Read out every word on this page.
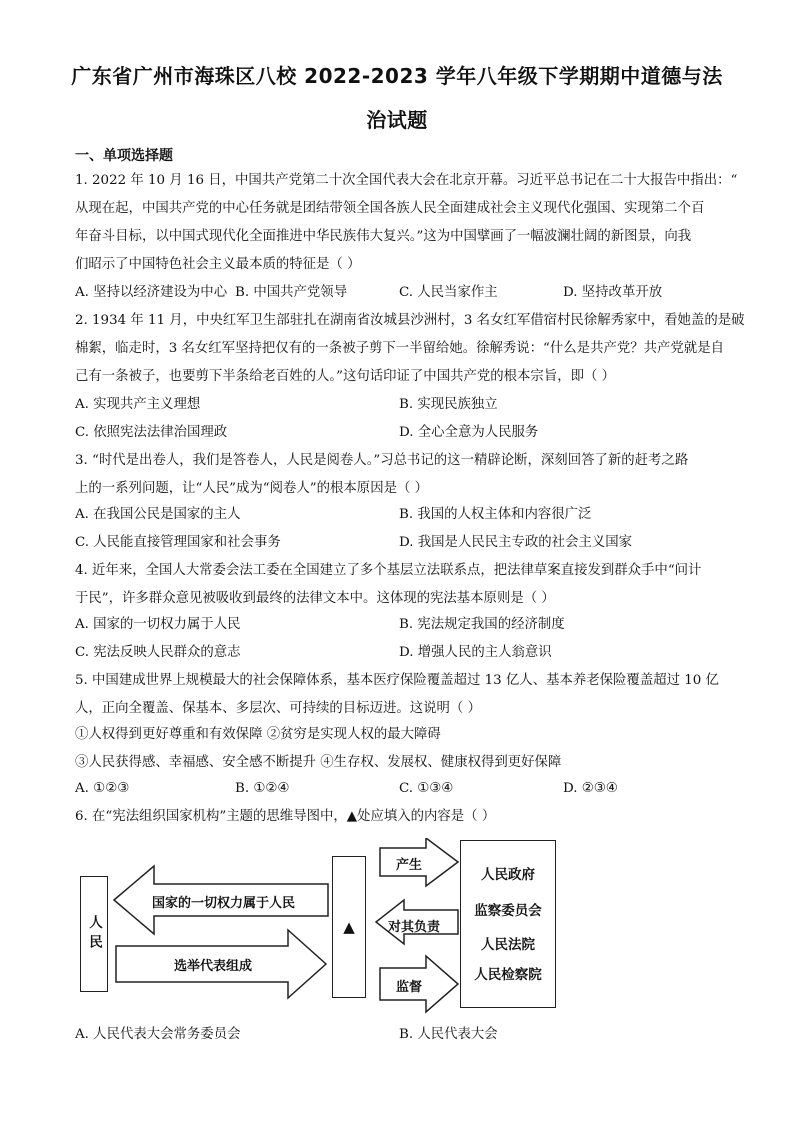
广东省广州市海珠区八校 2022-2023 学年八年级下学期期中道德与法
治试题
一、单项选择题
1. 2022 年 10 月 16 日，中国共产党第二十次全国代表大会在北京开幕。习近平总书记在二十大报告中指出：“
从现在起，中国共产党的中心任务就是团结带领全国各族人民全面建成社会主义现代化强国、实现第二个百
年奋斗目标，以中国式现代化全面推进中华民族伟大复兴。”这为中国擘画了一幅波澜壮阔的新图景，向我
们昭示了中国特色社会主义最本质的特征是（ ）
A. 坚持以经济建设为中心 B. 中国共产党领导	C. 人民当家作主	D. 坚持改革开放
2. 1934 年 11 月，中央红军卫生部驻扎在湖南省汝城县沙洲村，3 名女红军借宿村民徐解秀家中，看她盖的是破
棉絮，临走时，3 名女红军坚持把仅有的一条被子剪下一半留给她。徐解秀说：“什么是共产党？共产党就是自
己有一条被子，也要剪下半条给老百姓的人。”这句话印证了中国共产党的根本宗旨，即（ ）
A. 实现共产主义理想	B. 实现民族独立
C. 依照宪法法律治国理政	D. 全心全意为人民服务
3. “时代是出卷人，我们是答卷人，人民是阅卷人。”习总书记的这一精辟论断，深刻回答了新的赶考之路
上的一系列问题，让“人民”成为“阅卷人”的根本原因是（ ）
A. 在我国公民是国家的主人	B. 我国的人权主体和内容很广泛
C. 人民能直接管理国家和社会事务	D. 我国是人民民主专政的社会主义国家
4. 近年来，全国人大常委会法工委在全国建立了多个基层立法联系点，把法律草案直接发到群众手中“问计
于民”，许多群众意见被吸收到最终的法律文本中。这体现的宪法基本原则是（ ）
A. 国家的一切权力属于人民	B. 宪法规定我国的经济制度
C. 宪法反映人民群众的意志	D. 增强人民的主人翁意识
5. 中国建成世界上规模最大的社会保障体系，基本医疗保险覆盖超过 13 亿人、基本养老保险覆盖超过 10 亿
人，正向全覆盖、保基本、多层次、可持续的目标迈进。这说明（ ）
①人权得到更好尊重和有效保障 ②贫穷是实现人权的最大障碍
③人民获得感、幸福感、安全感不断提升 ④生存权、发展权、健康权得到更好保障
A. ①②③	B. ①②④	C. ①③④	D. ②③④
6. 在“宪法组织国家机构”主题的思维导图中，▲处应填入的内容是（ ）
人民
国家的一切权力属于人民
选举代表组成
▲
产生
对其负责
监督
人民政府
监察委员会
人民法院
人民检察院
A. 人民代表大会常务委员会	B. 人民代表大会
